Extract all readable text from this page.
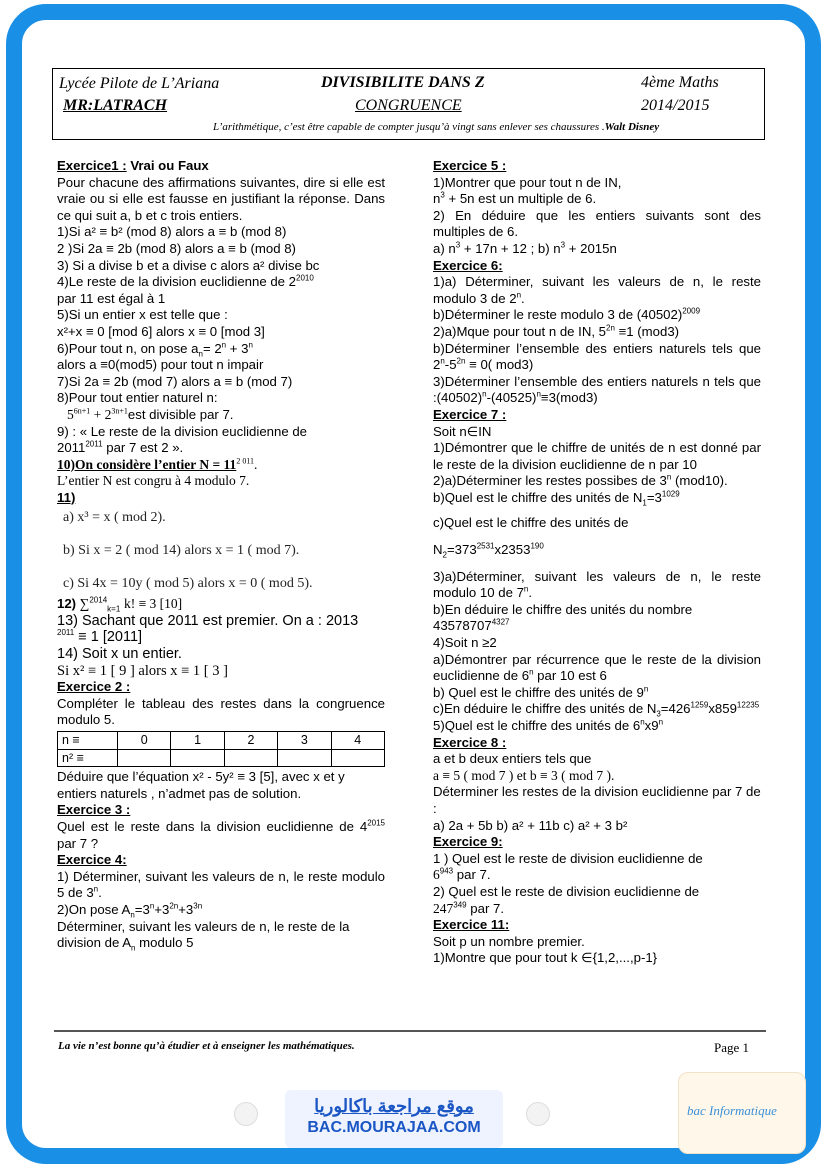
Lycée Pilote de L’Ariana
MR:LATRACH
DIVISIBILITE DANS Z
CONGRUENCE
4ème Maths
2014/2015
L’arithmétique, c’est être capable de compter jusqu’à vingt sans enlever ses chaussures .Walt Disney

Exercice1 : Vrai ou Faux

Pour chacune des affirmations suivantes, dire si elle est vraie ou si elle est fausse en justifiant la réponse. Dans ce qui suit a, b et c trois entiers.

1)Si a² ≡ b² (mod 8) alors a ≡ b (mod 8)

2 )Si 2a ≡ 2b (mod 8) alors a ≡ b (mod 8)

3) Si a divise b et a divise c alors a² divise bc

4)Le reste de la division euclidienne de $2^{2010}$

par 11 est égal à 1

5)Si un entier x est telle que :

x²+x ≡ 0 [mod 6] alors x ≡ 0 [mod 3]

6)Pour tout n, on pose $a_n= 2^n + 3^n$

alors a ≡0(mod5) pour tout n impair

7)Si 2a ≡ 2b (mod 7) alors a ≡ b (mod 7)

8)Pour tout entier naturel n:

$5^{6n+1} + 2^{3n+1}est$ divisible par 7.

9) : « Le reste de la division euclidienne de

$2011^{2011}$ par 7 est 2 ».

10)On considère l’entier $N = 11^{2 011}$.

L’entier N est congru à 4 modulo 7.

11)

a) x³ = x ( mod 2).

b) Si x = 2 ( mod 14) alors x = 1 ( mod 7).

c) Si 4x = 10y ( mod 5) alors x = 0 ( mod 5).

12) ∑$^{2014}_{k=1}$ k! ≡ 3 [10]

13) Sachant que 2011 est premier. On a : 2013

$^{2011}$ ≡ 1 [2011]

14) Soit x un entier.

Si x² ≡ 1 [ 9 ] alors x ≡ 1 [ 3 ]

Exercice 2 :

Compléter le tableau des restes dans la congruence modulo 5.

n ≡	0	1	2	3	4
n² ≡					

Déduire que l’équation x² - 5y² ≡ 3 [5], avec x et y entiers naturels , n’admet pas de solution.

Exercice 3 :

Quel est le reste dans la division euclidienne de $4^{2015}$ par 7 ?

Exercice 4:

1) Déterminer, suivant les valeurs de n, le reste modulo 5 de 3$^n$.

2)On pose $A_n=3^n+3^{2n}+3^{3n}$

Déterminer, suivant les valeurs de n, le reste de la division de $A_n$ modulo 5

Exercice 5 :

1)Montrer que pour tout n de IN,

$n^3 + 5n$ est un multiple de 6.

2) En déduire que les entiers suivants sont des multiples de 6.

a) $n^3 + 17n + 12$ ; b) $n^3 + 2015n$

Exercice 6:

1)a) Déterminer, suivant les valeurs de n, le reste modulo 3 de 2$^n$.

b)Déterminer le reste modulo 3 de $(40502)^{2009}$

2)a)Mque pour tout n de IN, $5^{2n} \equiv 1$ (mod3)

b)Déterminer l’ensemble des entiers naturels tels que $2^n-5^{2n} \equiv 0$( mod3)

3)Déterminer l’ensemble des entiers naturels n tels que $:(40502)^n-(40525)^n\equiv 3(mod3)$

Exercice 7 :

Soit n∈IN

1)Démontrer que le chiffre de unités de n est donné par le reste de la division euclidienne de n par 10

2)a)Déterminer les restes possibes de 3$^n$ (mod10).

b)Quel est le chiffre des unités de $N_1=3^{1029}$

c)Quel est le chiffre des unités de

$N_2=373^{2531}x2353^{190}$

3)a)Déterminer, suivant les valeurs de n, le reste modulo 10 de 7$^n$.

b)En déduire le chiffre des unités du nombre $43578707^{4327}$

4)Soit n ≥2

a)Démontrer par récurrence que le reste de la division euclidienne de 6$^n$ par 10 est 6

b) Quel est le chiffre des unités de 9$^n$

c)En déduire le chiffre des unités de $N_3=426^{1259}x859^{12235}$

5)Quel est le chiffre des unités de 6$^n$x9$^n$

Exercice 8 :

a et b deux entiers tels que

a ≡ 5 ( mod 7 ) et b ≡ 3 ( mod 7 ).

Déterminer les restes de la division euclidienne par 7 de :

a) 2a + 5b b) a² + 11b c) a² + 3 b²

Exercice 9:

1 ) Quel est le reste de division euclidienne de

$6^{943}$ par 7.

2) Quel est le reste de division euclidienne de

$247^{349}$ par 7.

Exercice 11:

Soit p un nombre premier.

1)Montre que pour tout k ∈{1,2,...,p-1}

La vie n’est bonne qu’à étudier et à enseigner les mathématiques.	Page 1
موقع مراجعة باكالوريا
BAC.MOURAJAA.COM
bac Informatique
